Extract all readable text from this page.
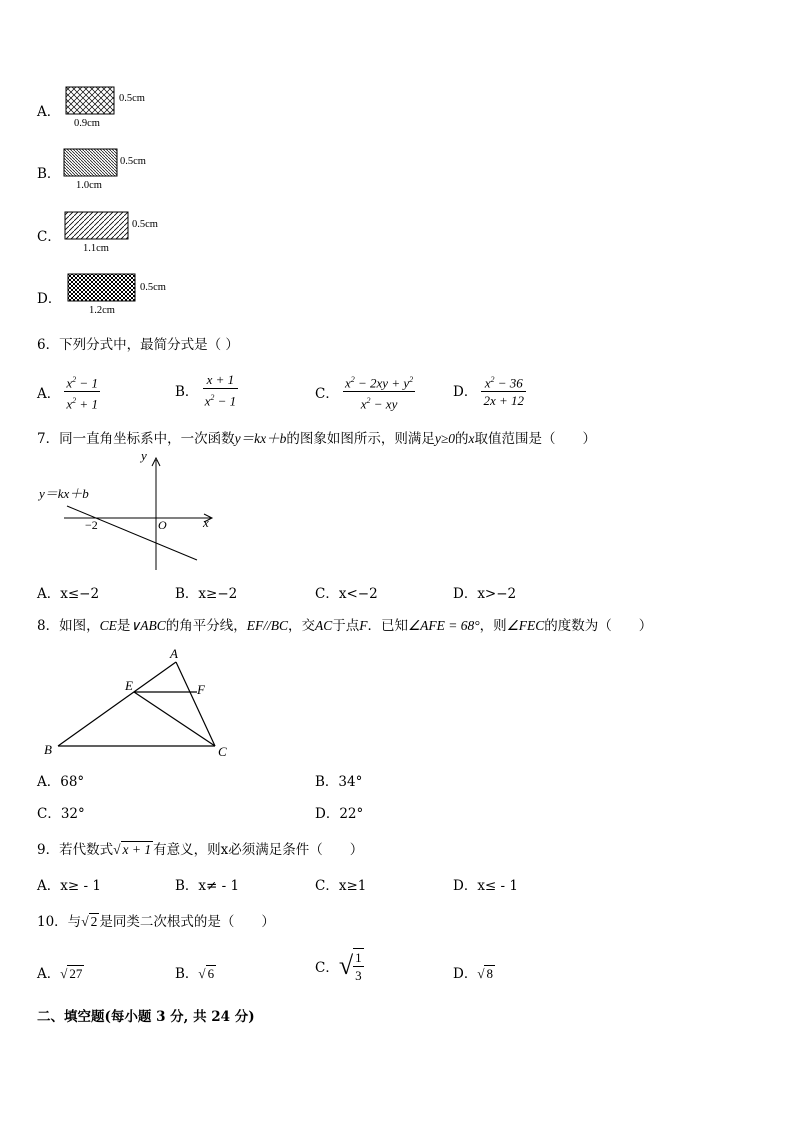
A．
0.5cm
0.9cm
B．
0.5cm
1.0cm
C．
0.5cm
1.1cm
D．
0.5cm
1.2cm
6．下列分式中，最简分式是（ ）
A． $\frac{x^2 - 1}{x^2 + 1}$	B． $\frac{x + 1}{x^2 - 1}$	C． $\frac{x^2 - 2xy + y^2}{x^2 - xy}$	D． $\frac{x^2 - 36}{2x + 12}$
7．同一直角坐标系中，一次函数y＝kx＋b的图象如图所示，则满足y≥0的x取值范围是（　　）
y＝kx＋b
y
x
O
−2
A．x≤−2	B．x≥−2	C．x<−2	D．x>−2
8．如图，CE是∨ABC的角平分线，EF//BC，交AC于点F．已知∠AFE = 68°，则∠FEC的度数为（　　）
A
B	C
E	F
A．68°	B．34°
C．32°	D．22°
9．若代数式√ x + 1 有意义，则x必须满足条件（　　）
A．x≥ - 1	B．x≠ - 1	C．x≥1	D．x≤ - 1
10．与√ 2 是同类二次根式的是（　　）
A．√ 27	B．√ 6	C．√ $\frac{1}{3}$	D．√ 8
二、填空题(每小题 3 分, 共 24 分)
